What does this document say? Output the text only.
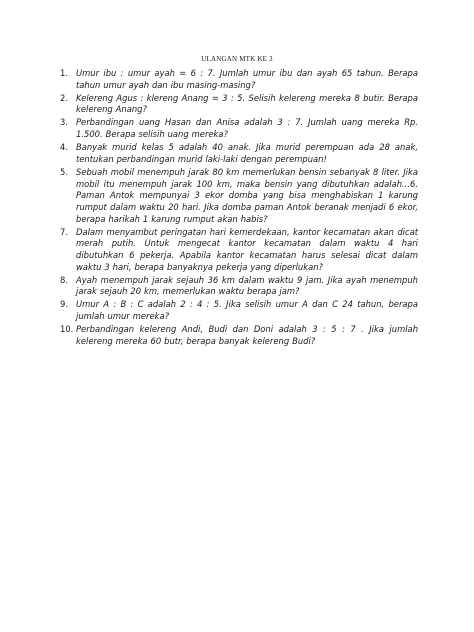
ULANGAN MTK KE 3
1. Umur ibu : umur ayah = 6 : 7. Jumlah umur ibu dan ayah 65 tahun. Berapa tahun umur ayah dan ibu masing-masing?
2. Kelereng Agus : klereng Anang = 3 : 5. Selisih kelereng mereka 8 butir. Berapa kelereng Anang?
3. Perbandingan uang Hasan dan Anisa adalah 3 : 7. Jumlah uang mereka Rp. 1.500. Berapa selisih uang mereka?
4. Banyak murid kelas 5 adalah 40 anak. Jika murid perempuan ada 28 anak, tentukan perbandingan murid laki-laki dengan perempuan!
5. Sebuah mobil menempuh jarak 80 km memerlukan bensin sebanyak 8 liter. Jika mobil itu menempuh jarak 100 km, maka bensin yang dibutuhkan adalah...6. Paman Antok mempunyai 3 ekor domba yang bisa menghabiskan 1 karung rumput dalam waktu 20 hari. Jika domba paman Antok beranak menjadi 6 ekor, berapa harikah 1 karung rumput akan habis?
7. Dalam menyambut peringatan hari kemerdekaan, kantor kecamatan akan dicat merah putih. Untuk mengecat kantor kecamatan dalam waktu 4 hari dibutuhkan 6 pekerja. Apabila kantor kecamatan harus selesai dicat dalam waktu 3 hari, berapa banyaknya pekerja yang diperlukan?
8. Ayah menempuh jarak sejauh 36 km dalam waktu 9 jam. Jika ayah menempuh jarak sejauh 20 km, memerlukan waktu berapa jam?
9. Umur A : B : C adalah 2 : 4 : 5. Jika selisih umur A dan C 24 tahun, berapa jumlah umur mereka?
10. Perbandingan kelereng Andi, Budi dan Doni adalah 3 : 5 : 7 . Jika jumlah kelereng mereka 60 butr, berapa banyak kelereng Budi?
